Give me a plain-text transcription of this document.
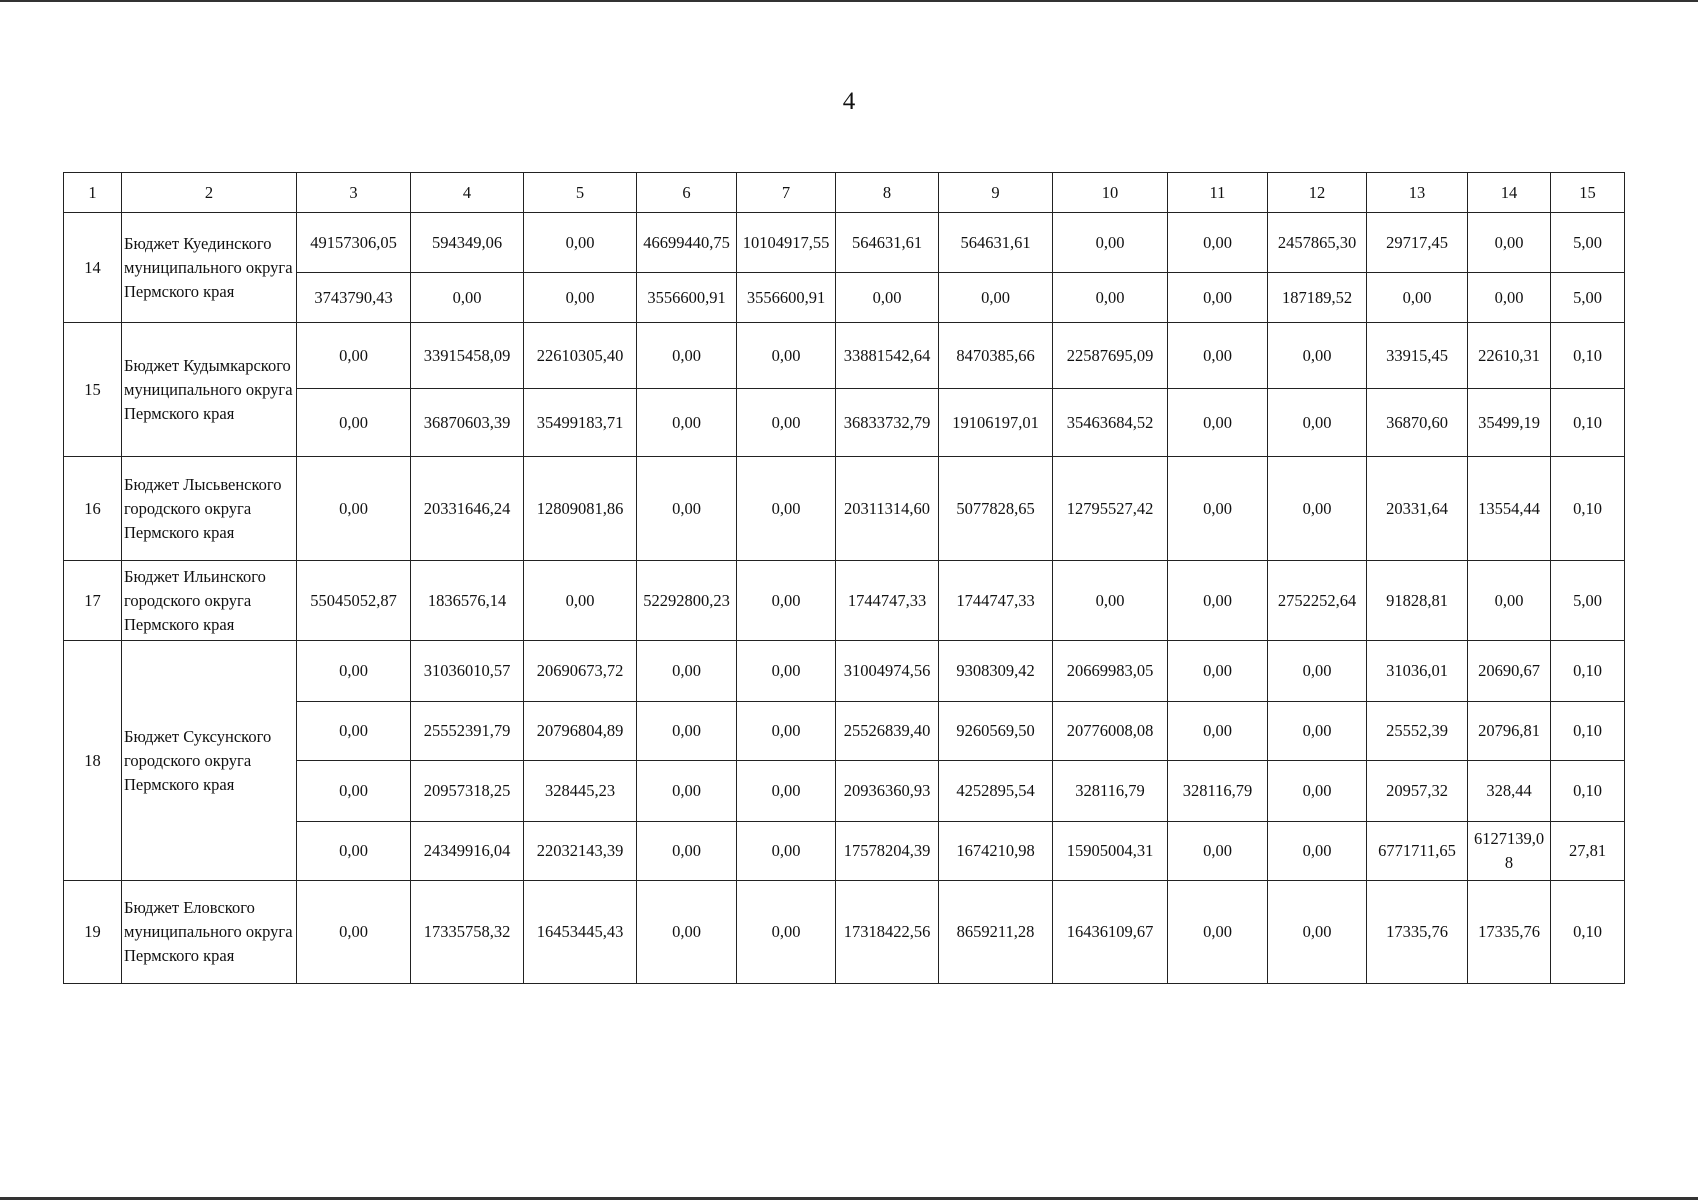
4
1	2	3	4	5	6	7	8	9	10	11	12	13	14	15
14	Бюджет Куединского муниципального округа Пермского края	49157306,05	594349,06	0,00	46699440,75	10104917,55	564631,61	564631,61	0,00	0,00	2457865,30	29717,45	0,00	5,00
		3743790,43	0,00	0,00	3556600,91	3556600,91	0,00	0,00	0,00	0,00	187189,52	0,00	0,00	5,00
15	Бюджет Кудымкарского муниципального округа Пермского края	0,00	33915458,09	22610305,40	0,00	0,00	33881542,64	8470385,66	22587695,09	0,00	0,00	33915,45	22610,31	0,10
		0,00	36870603,39	35499183,71	0,00	0,00	36833732,79	19106197,01	35463684,52	0,00	0,00	36870,60	35499,19	0,10
16	Бюджет Лысьвенского городского округа Пермского края	0,00	20331646,24	12809081,86	0,00	0,00	20311314,60	5077828,65	12795527,42	0,00	0,00	20331,64	13554,44	0,10
17	Бюджет Ильинского городского округа Пермского края	55045052,87	1836576,14	0,00	52292800,23	0,00	1744747,33	1744747,33	0,00	0,00	2752252,64	91828,81	0,00	5,00
18	Бюджет Суксунского городского округа Пермского края	0,00	31036010,57	20690673,72	0,00	0,00	31004974,56	9308309,42	20669983,05	0,00	0,00	31036,01	20690,67	0,10
		0,00	25552391,79	20796804,89	0,00	0,00	25526839,40	9260569,50	20776008,08	0,00	0,00	25552,39	20796,81	0,10
		0,00	20957318,25	328445,23	0,00	0,00	20936360,93	4252895,54	328116,79	328116,79	0,00	20957,32	328,44	0,10
		0,00	24349916,04	22032143,39	0,00	0,00	17578204,39	1674210,98	15905004,31	0,00	0,00	6771711,65	6127139,08	27,81
19	Бюджет Еловского муниципального округа Пермского края	0,00	17335758,32	16453445,43	0,00	0,00	17318422,56	8659211,28	16436109,67	0,00	0,00	17335,76	17335,76	0,10
